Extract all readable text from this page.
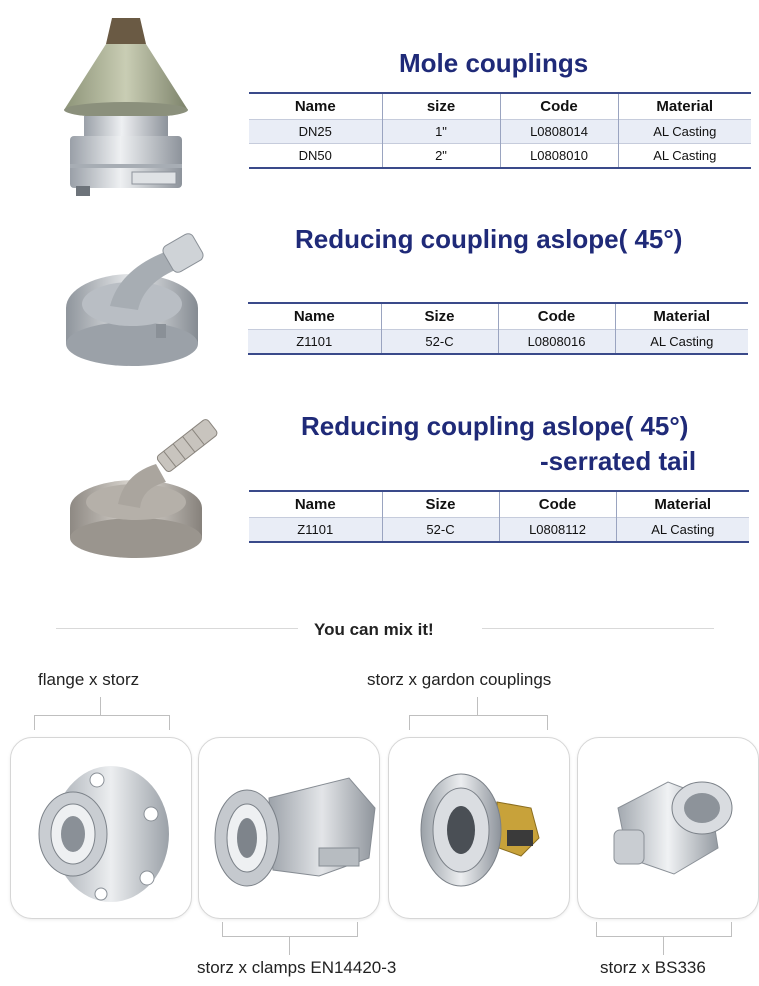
Mole couplings
Name	size	Code	Material
DN25	1"	L0808014	AL Casting
DN50	2"	L0808010	AL Casting
Reducing coupling aslope( 45°)
Name	Size	Code	Material
Z1101	52-C	L0808016	AL Casting
Reducing coupling aslope( 45°)
-serrated tail
Name	Size	Code	Material
Z1101	52-C	L0808112	AL Casting
You can mix it!
flange x storz	storz x gardon couplings
storz x clamps EN14420-3	storz x BS336
